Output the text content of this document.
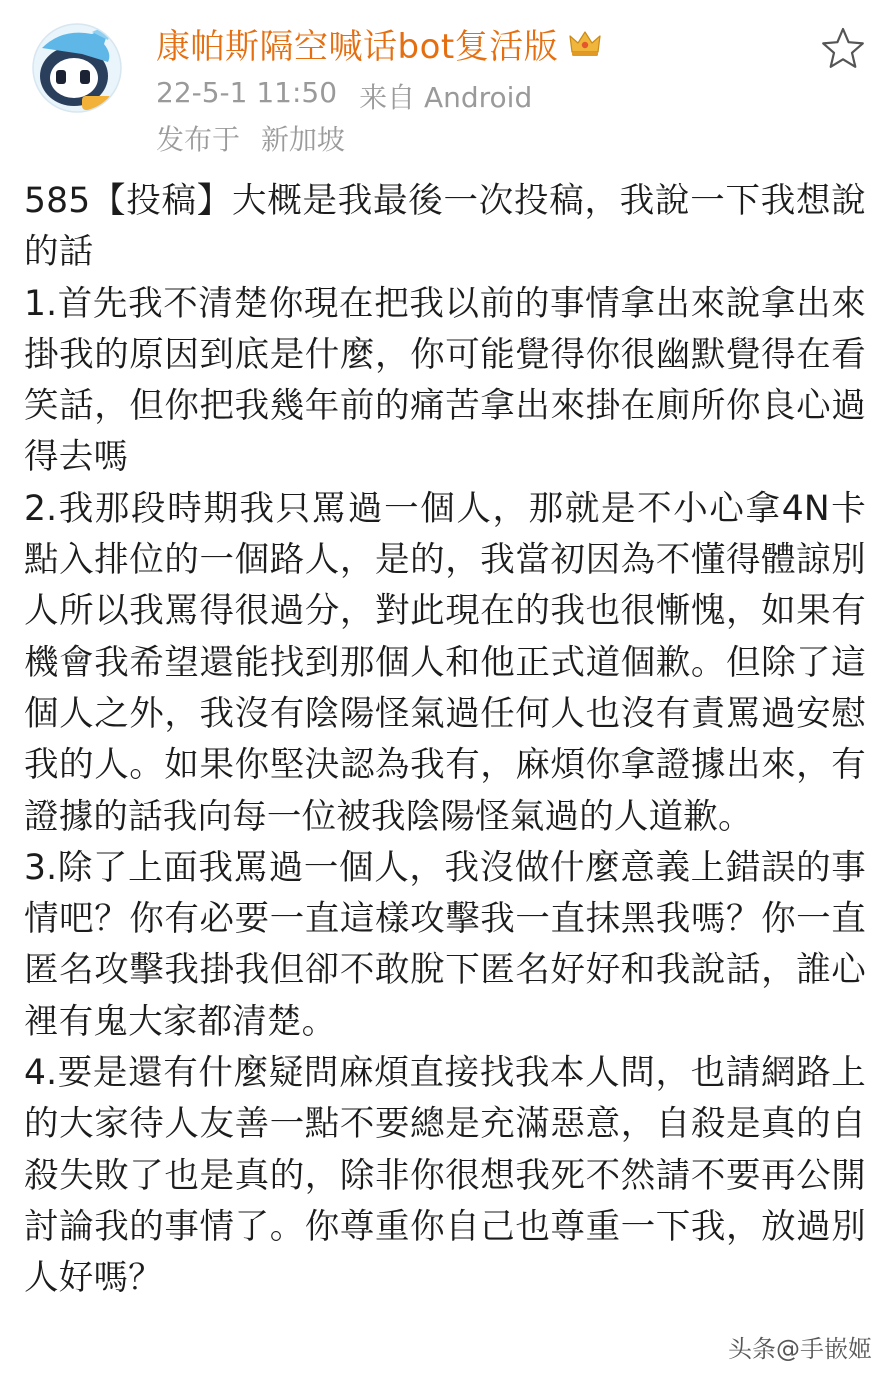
康帕斯隔空喊话bot复活版
22-5-1 11:50 来自 Android
发布于 新加坡

585【投稿】大概是我最後一次投稿，我說一下我想說的話

1.首先我不清楚你現在把我以前的事情拿出來說拿出來掛我的原因到底是什麼，你可能覺得你很幽默覺得在看笑話，但你把我幾年前的痛苦拿出來掛在廁所你良心過得去嗎

2.我那段時期我只罵過一個人，那就是不小心拿4N卡點入排位的一個路人，是的，我當初因為不懂得體諒別人所以我罵得很過分，對此現在的我也很慚愧，如果有機會我希望還能找到那個人和他正式道個歉。但除了這個人之外，我沒有陰陽怪氣過任何人也沒有責罵過安慰我的人。如果你堅決認為我有，麻煩你拿證據出來，有證據的話我向每一位被我陰陽怪氣過的人道歉。

3.除了上面我罵過一個人，我沒做什麼意義上錯誤的事情吧？你有必要一直這樣攻擊我一直抹黑我嗎？你一直匿名攻擊我掛我但卻不敢脫下匿名好好和我說話，誰心裡有鬼大家都清楚。

4.要是還有什麼疑問麻煩直接找我本人問，也請網路上的大家待人友善一點不要總是充滿惡意，自殺是真的自殺失敗了也是真的，除非你很想我死不然請不要再公開討論我的事情了。你尊重你自己也尊重一下我，放過別人好嗎？

头条@手嵌姬
